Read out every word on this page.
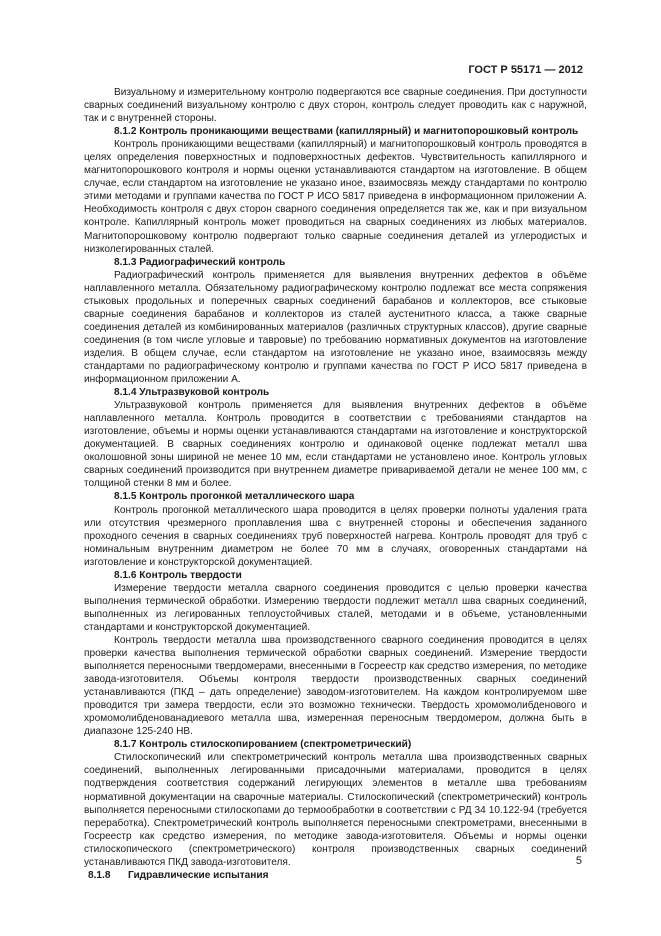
ГОСТ Р 55171 — 2012

Визуальному и измерительному контролю подвергаются все сварные соединения. При доступности сварных соединений визуальному контролю с двух сторон, контроль следует проводить как с наружной, так и с внутренней стороны.

8.1.2 Контроль проникающими веществами (капиллярный) и магнитопорошковый контроль

Контроль проникающими веществами (капиллярный) и магнитопорошковый контроль проводятся в целях определения поверхностных и подповерхностных дефектов. Чувствительность капиллярного и магнитопорошкового контроля и нормы оценки устанавливаются стандартом на изготовление. В общем случае, если стандартом на изготовление не указано иное, взаимосвязь между стандартами по контролю этими методами и группами качества по ГОСТ Р ИСО 5817 приведена в информационном приложении А. Необходимость контроля с двух сторон сварного соединения определяется так же, как и при визуальном контроле. Капиллярный контроль может проводиться на сварных соединениях из любых материалов. Магнитопорошковому контролю подвергают только сварные соединения деталей из углеродистых и низколегированных сталей.

8.1.3 Радиографический контроль

Радиографический контроль применяется для выявления внутренних дефектов в объёме наплавленного металла. Обязательному радиографическому контролю подлежат все места сопряжения стыковых продольных и поперечных сварных соединений барабанов и коллекторов, все стыковые сварные соединения барабанов и коллекторов из сталей аустенитного класса, а также сварные соединения деталей из комбинированных материалов (различных структурных классов), другие сварные соединения (в том числе угловые и тавровые) по требованию нормативных документов на изготовление изделия. В общем случае, если стандартом на изготовление не указано иное, взаимосвязь между стандартами по радиографическому контролю и группами качества по ГОСТ Р ИСО 5817 приведена в информационном приложении А.

8.1.4 Ультразвуковой контроль

Ультразвуковой контроль применяется для выявления внутренних дефектов в объёме наплавленного металла. Контроль проводится в соответствии с требованиями стандартов на изготовление, объемы и нормы оценки устанавливаются стандартами на изготовление и конструкторской документацией. В сварных соединениях контролю и одинаковой оценке подлежат металл шва околошовной зоны шириной не менее 10 мм, если стандартами не установлено иное. Контроль угловых сварных соединений производится при внутреннем диаметре привариваемой детали не менее 100 мм, с толщиной стенки 8 мм и более.

8.1.5 Контроль прогонкой металлического шара

Контроль прогонкой металлического шара проводится в целях проверки полноты удаления грата или отсутствия чрезмерного проплавления шва с внутренней стороны и обеспечения заданного проходного сечения в сварных соединениях труб поверхностей нагрева. Контроль проводят для труб с номинальным внутренним диаметром не более 70 мм в случаях, оговоренных стандартами на изготовление и конструкторской документацией.

8.1.6 Контроль твердости

Измерение твердости металла сварного соединения проводится с целью проверки качества выполнения термической обработки. Измерению твердости подлежит металл шва сварных соединений, выполненных из легированных теплоустойчивых сталей, методами и в объеме, установленными стандартами и конструкторской документацией.

Контроль твердости металла шва производственного сварного соединения проводится в целях проверки качества выполнения термической обработки сварных соединений. Измерение твердости выполняется переносными твердомерами, внесенными в Госреестр как средство измерения, по методике завода-изготовителя. Объемы контроля твердости производственных сварных соединений устанавливаются (ПКД – дать определение) заводом-изготовителем. На каждом контролируемом шве проводится три замера твердости, если это возможно технически. Твердость хромомолибденового и хромомолибденованадиевого металла шва, измеренная переносным твердомером, должна быть в диапазоне 125-240 НВ.

8.1.7 Контроль стилоскопированием (спектрометрический)

Стилоскопический или спектрометрический контроль металла шва производственных сварных соединений, выполненных легированными присадочными материалами, проводится в целях подтверждения соответствия содержаний легирующих элементов в металле шва требованиям нормативной документации на сварочные материалы. Стилоскопический (спектрометрический) контроль выполняется переносными стилоскопами до термообработки в соответствии с РД 34 10.122-94 (требуется переработка). Спектрометрический контроль выполняется переносными спектрометрами, внесенными в Госреестр как средство измерения, по методике завода-изготовителя. Объемы и нормы оценки стилоскопического (спектрометрического) контроля производственных сварных соединений устанавливаются ПКД завода-изготовителя.

8.1.8 Гидравлические испытания

5
